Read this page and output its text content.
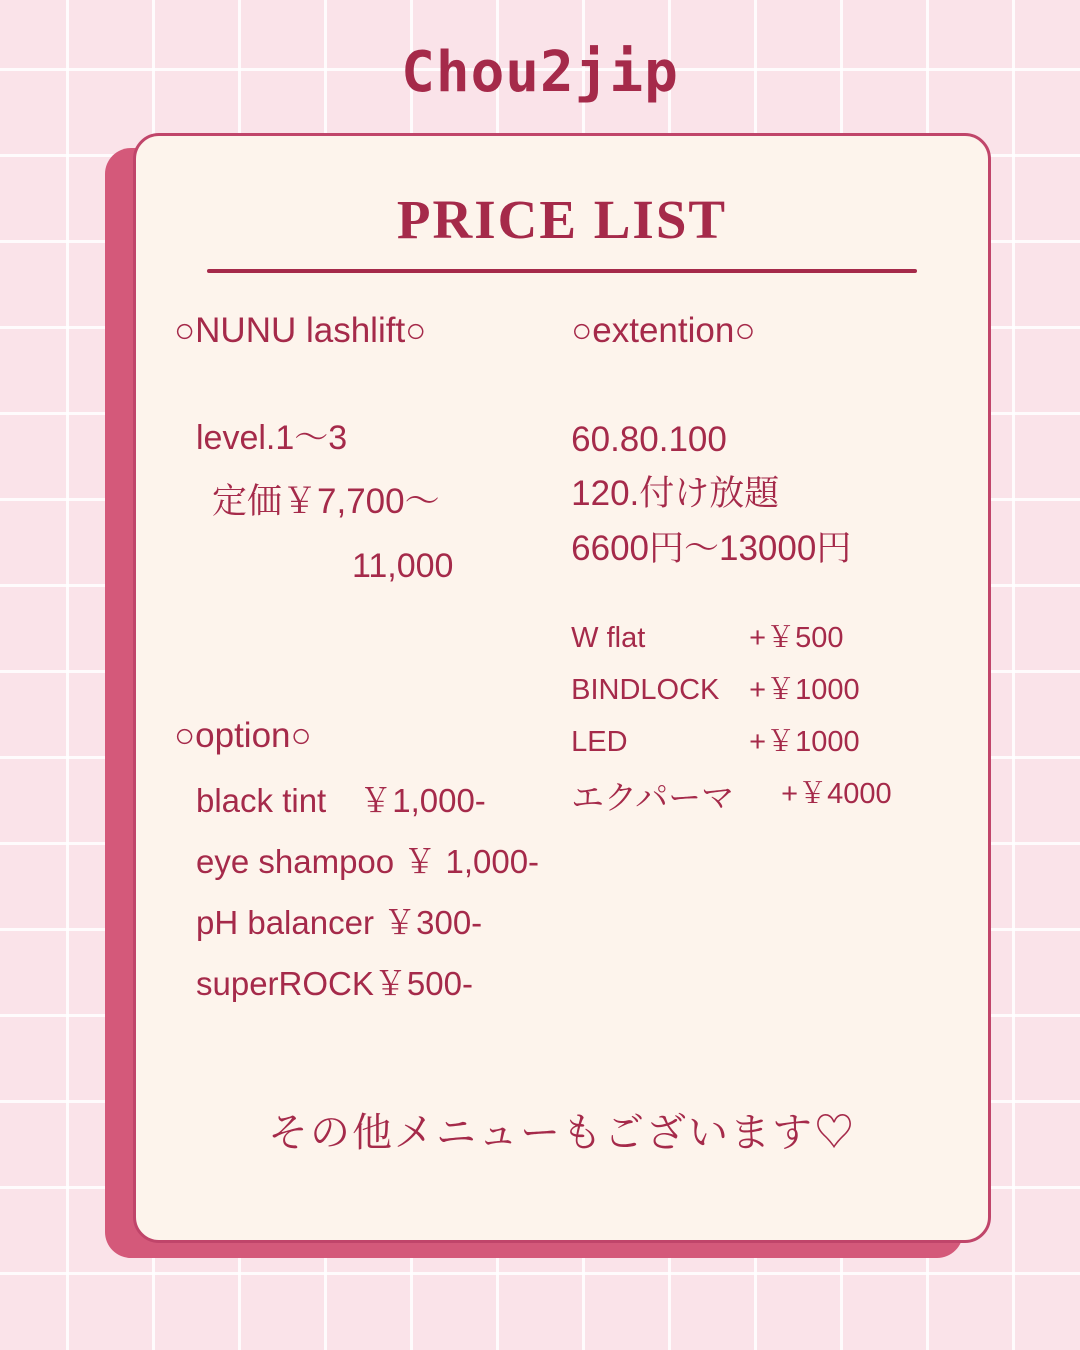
Chou2jip
PRICE LIST
○NUNU lashlift○
level.1〜3
定価￥7,700〜
11,000
○option○
black tint　￥1,000-
eye shampoo ￥ 1,000-
pH balancer ￥300-
superROCK￥500-
○extention○
60.80.100
120.付け放題
6600円〜13000円
W flat	+￥500
BINDLOCK	+￥1000
LED	+￥1000
エクパーマ	+￥4000
その他メニューもございます♡
